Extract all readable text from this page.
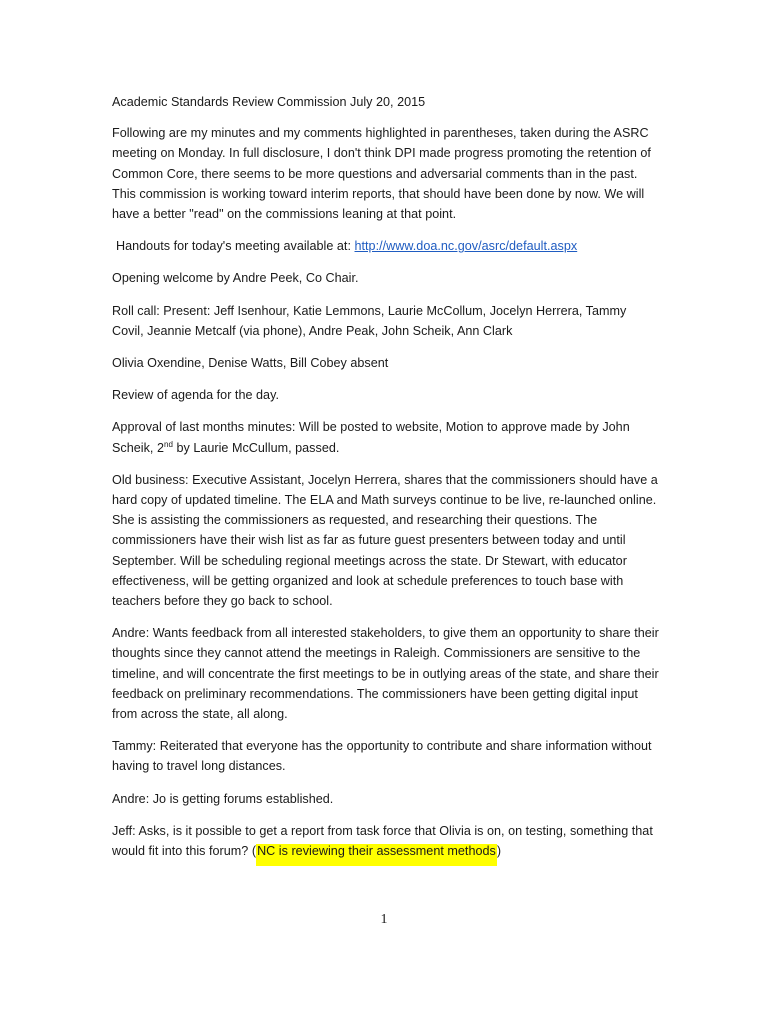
Academic Standards Review Commission July 20, 2015

Following are my minutes and my comments highlighted in parentheses, taken during the ASRC meeting on Monday. In full disclosure, I don't think DPI made progress promoting the retention of Common Core, there seems to be more questions and adversarial comments than in the past. This commission is working toward interim reports, that should have been done by now. We will have a better "read" on the commissions leaning at that point.

Handouts for today's meeting available at: http://www.doa.nc.gov/asrc/default.aspx

Opening welcome by Andre Peek, Co Chair.

Roll call: Present: Jeff Isenhour, Katie Lemmons, Laurie McCollum, Jocelyn Herrera, Tammy Covil, Jeannie Metcalf (via phone), Andre Peak, John Scheik, Ann Clark

Olivia Oxendine, Denise Watts, Bill Cobey absent

Review of agenda for the day.

Approval of last months minutes: Will be posted to website, Motion to approve made by John Scheik, 2nd by Laurie McCullum, passed.

Old business: Executive Assistant, Jocelyn Herrera, shares that the commissioners should have a hard copy of updated timeline. The ELA and Math surveys continue to be live, re-launched online. She is assisting the commissioners as requested, and researching their questions. The commissioners have their wish list as far as future guest presenters between today and until September. Will be scheduling regional meetings across the state. Dr Stewart, with educator effectiveness, will be getting organized and look at schedule preferences to touch base with teachers before they go back to school.

Andre: Wants feedback from all interested stakeholders, to give them an opportunity to share their thoughts since they cannot attend the meetings in Raleigh. Commissioners are sensitive to the timeline, and will concentrate the first meetings to be in outlying areas of the state, and share their feedback on preliminary recommendations. The commissioners have been getting digital input from across the state, all along.

Tammy: Reiterated that everyone has the opportunity to contribute and share information without having to travel long distances.

Andre: Jo is getting forums established.

Jeff: Asks, is it possible to get a report from task force that Olivia is on, on testing, something that would fit into this forum? (NC is reviewing their assessment methods)

1
